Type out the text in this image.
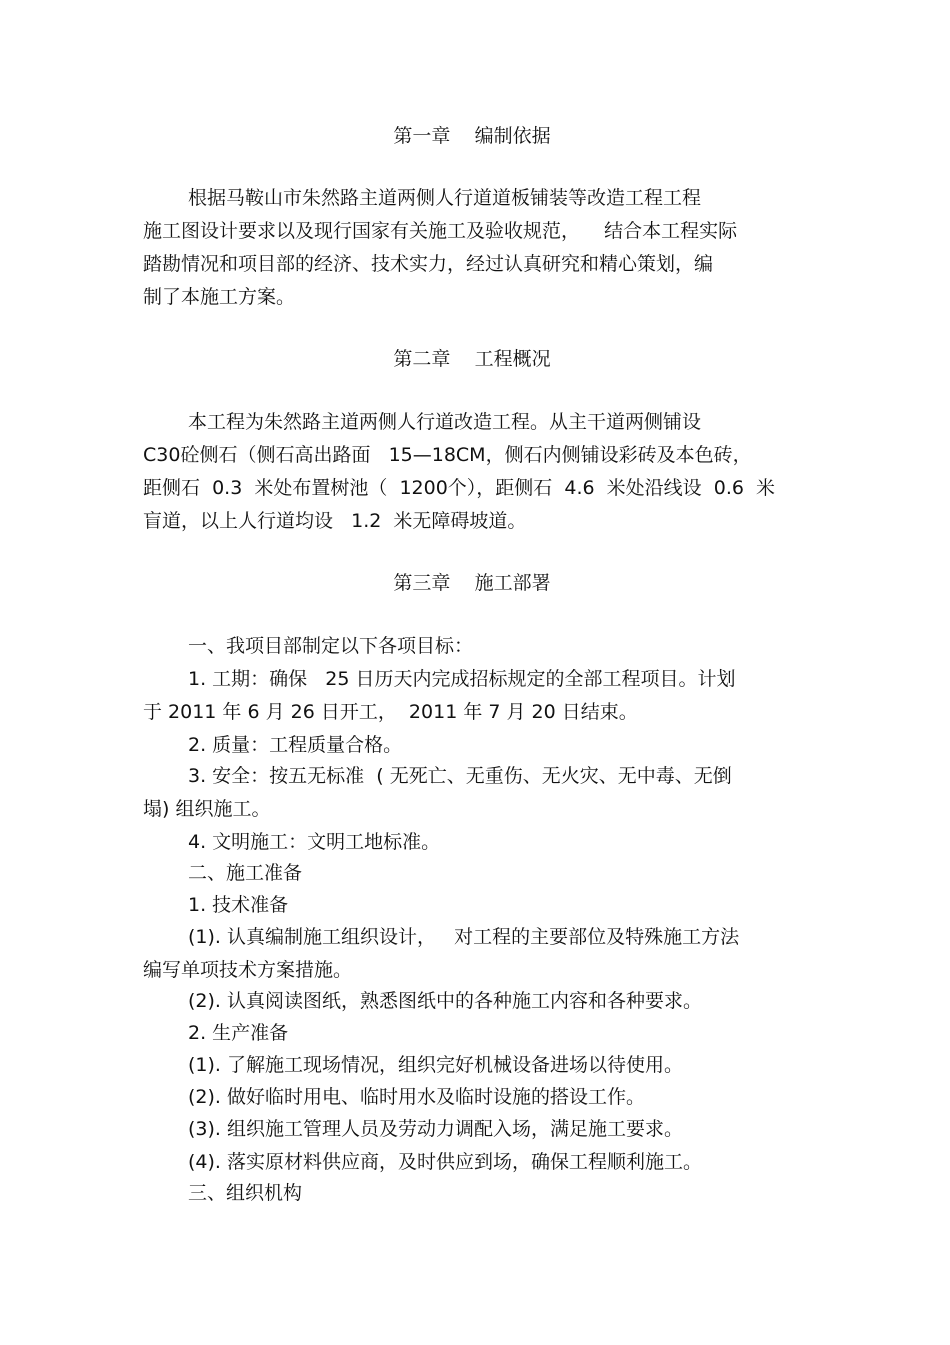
第一章    编制依据
根据马鞍山市朱然路主道两侧人行道道板铺装等改造工程工程
施工图设计要求以及现行国家有关施工及验收规范，    结合本工程实际
踏勘情况和项目部的经济、技术实力，经过认真研究和精心策划，编
制了本施工方案。
第二章    工程概况
本工程为朱然路主道两侧人行道改造工程。从主干道两侧铺设
C30砼侧石（侧石高出路面   15—18CM，侧石内侧铺设彩砖及本色砖，
距侧石  0.3  米处布置树池（  1200个），距侧石  4.6  米处沿线设  0.6  米
盲道，以上人行道均设   1.2  米无障碍坡道。
第三章    施工部署
一、我项目部制定以下各项目标：
1. 工期：确保   25 日历天内完成招标规定的全部工程项目。计划
于 2011 年 6 月 26 日开工，  2011 年 7 月 20 日结束。
2. 质量：工程质量合格。
3. 安全：按五无标准  ( 无死亡、无重伤、无火灾、无中毒、无倒
塌) 组织施工。
4. 文明施工：文明工地标准。
二、施工准备
1. 技术准备
(1). 认真编制施工组织设计，   对工程的主要部位及特殊施工方法
编写单项技术方案措施。
(2). 认真阅读图纸，熟悉图纸中的各种施工内容和各种要求。
2. 生产准备
(1). 了解施工现场情况，组织完好机械设备进场以待使用。
(2). 做好临时用电、临时用水及临时设施的搭设工作。
(3). 组织施工管理人员及劳动力调配入场，满足施工要求。
(4). 落实原材料供应商，及时供应到场，确保工程顺利施工。
三、组织机构
